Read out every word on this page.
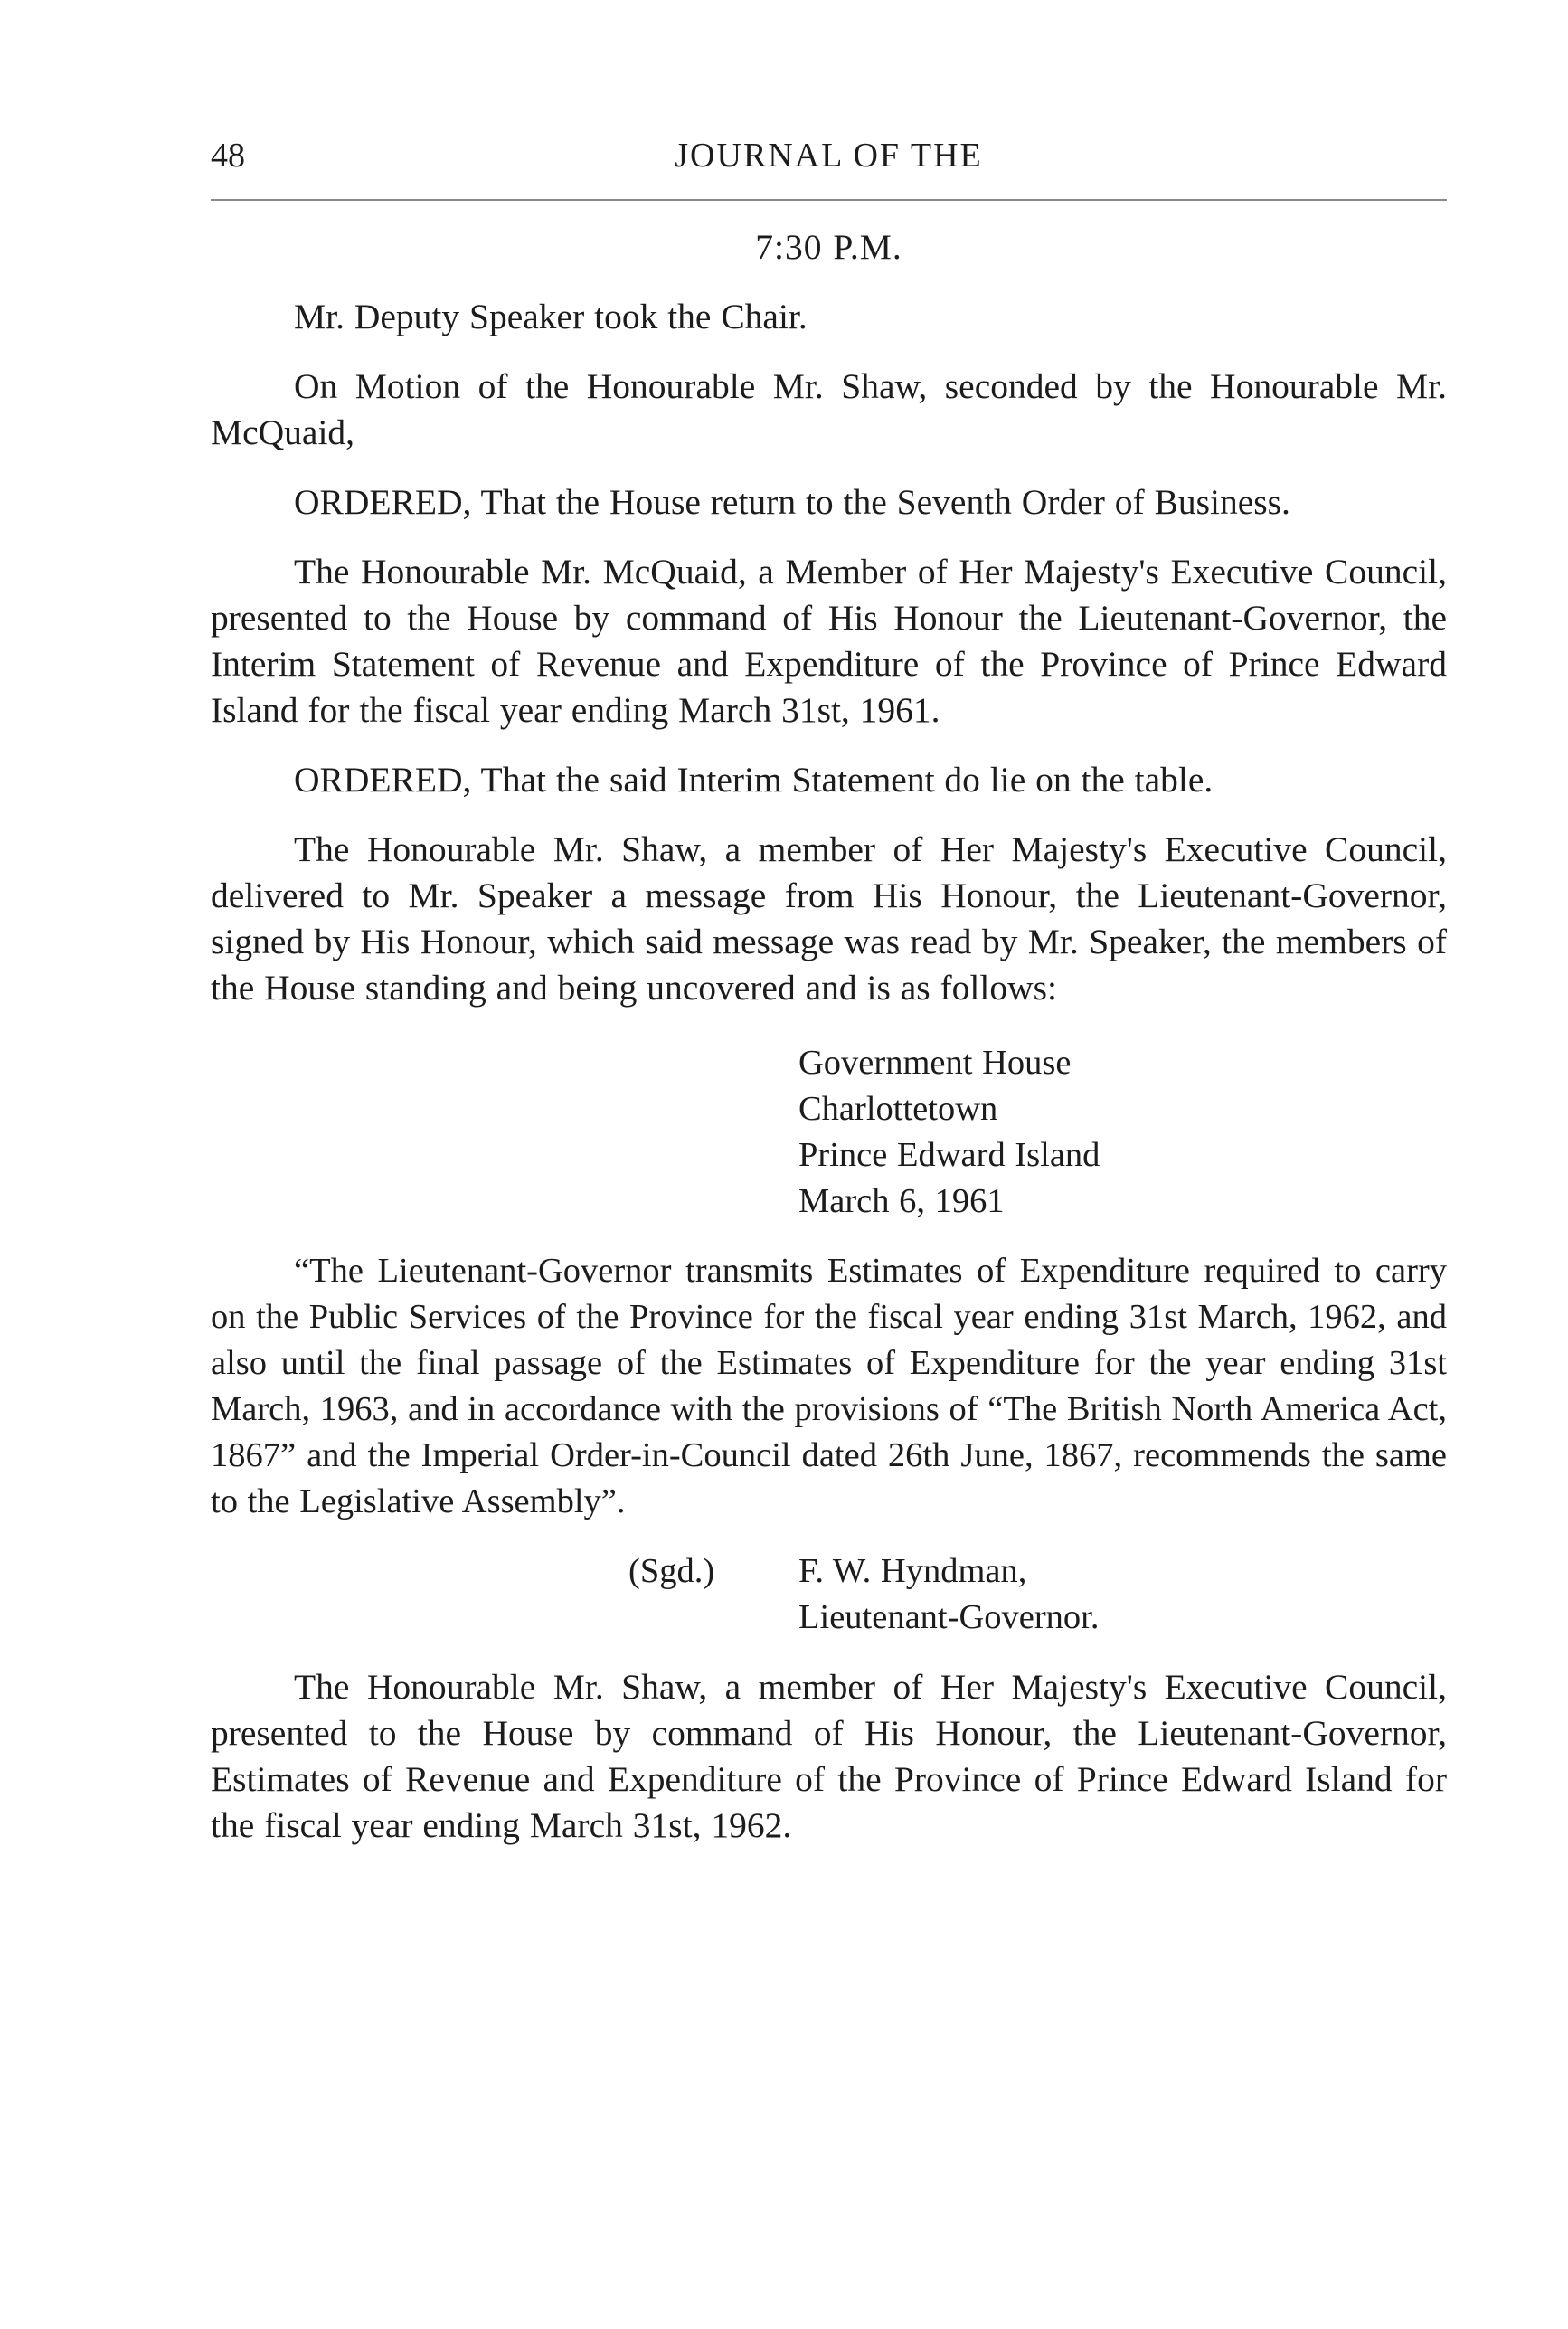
48	JOURNAL OF THE

7:30 P.M.

Mr. Deputy Speaker took the Chair.

On Motion of the Honourable Mr. Shaw, seconded by the Honourable Mr. McQuaid,

ORDERED, That the House return to the Seventh Order of Business.

The Honourable Mr. McQuaid, a Member of Her Majesty's Executive Council, presented to the House by command of His Honour the Lieutenant-Governor, the Interim Statement of Revenue and Expenditure of the Province of Prince Edward Island for the fiscal year ending March 31st, 1961.

ORDERED, That the said Interim Statement do lie on the table.

The Honourable Mr. Shaw, a member of Her Majesty's Executive Council, delivered to Mr. Speaker a message from His Honour, the Lieutenant-Governor, signed by His Honour, which said message was read by Mr. Speaker, the members of the House standing and being uncovered and is as follows:

Government House
Charlottetown
Prince Edward Island
March 6, 1961

“The Lieutenant-Governor transmits Estimates of Expenditure required to carry on the Public Services of the Province for the fiscal year ending 31st March, 1962, and also until the final passage of the Estimates of Expenditure for the year ending 31st March, 1963, and in accordance with the provisions of “The British North America Act, 1867” and the Imperial Order-in-Council dated 26th June, 1867, recommends the same to the Legislative Assembly”.

(Sgd.) F. W. Hyndman,
Lieutenant-Governor.

The Honourable Mr. Shaw, a member of Her Majesty's Executive Council, presented to the House by command of His Honour, the Lieutenant-Governor, Estimates of Revenue and Expenditure of the Province of Prince Edward Island for the fiscal year ending March 31st, 1962.
